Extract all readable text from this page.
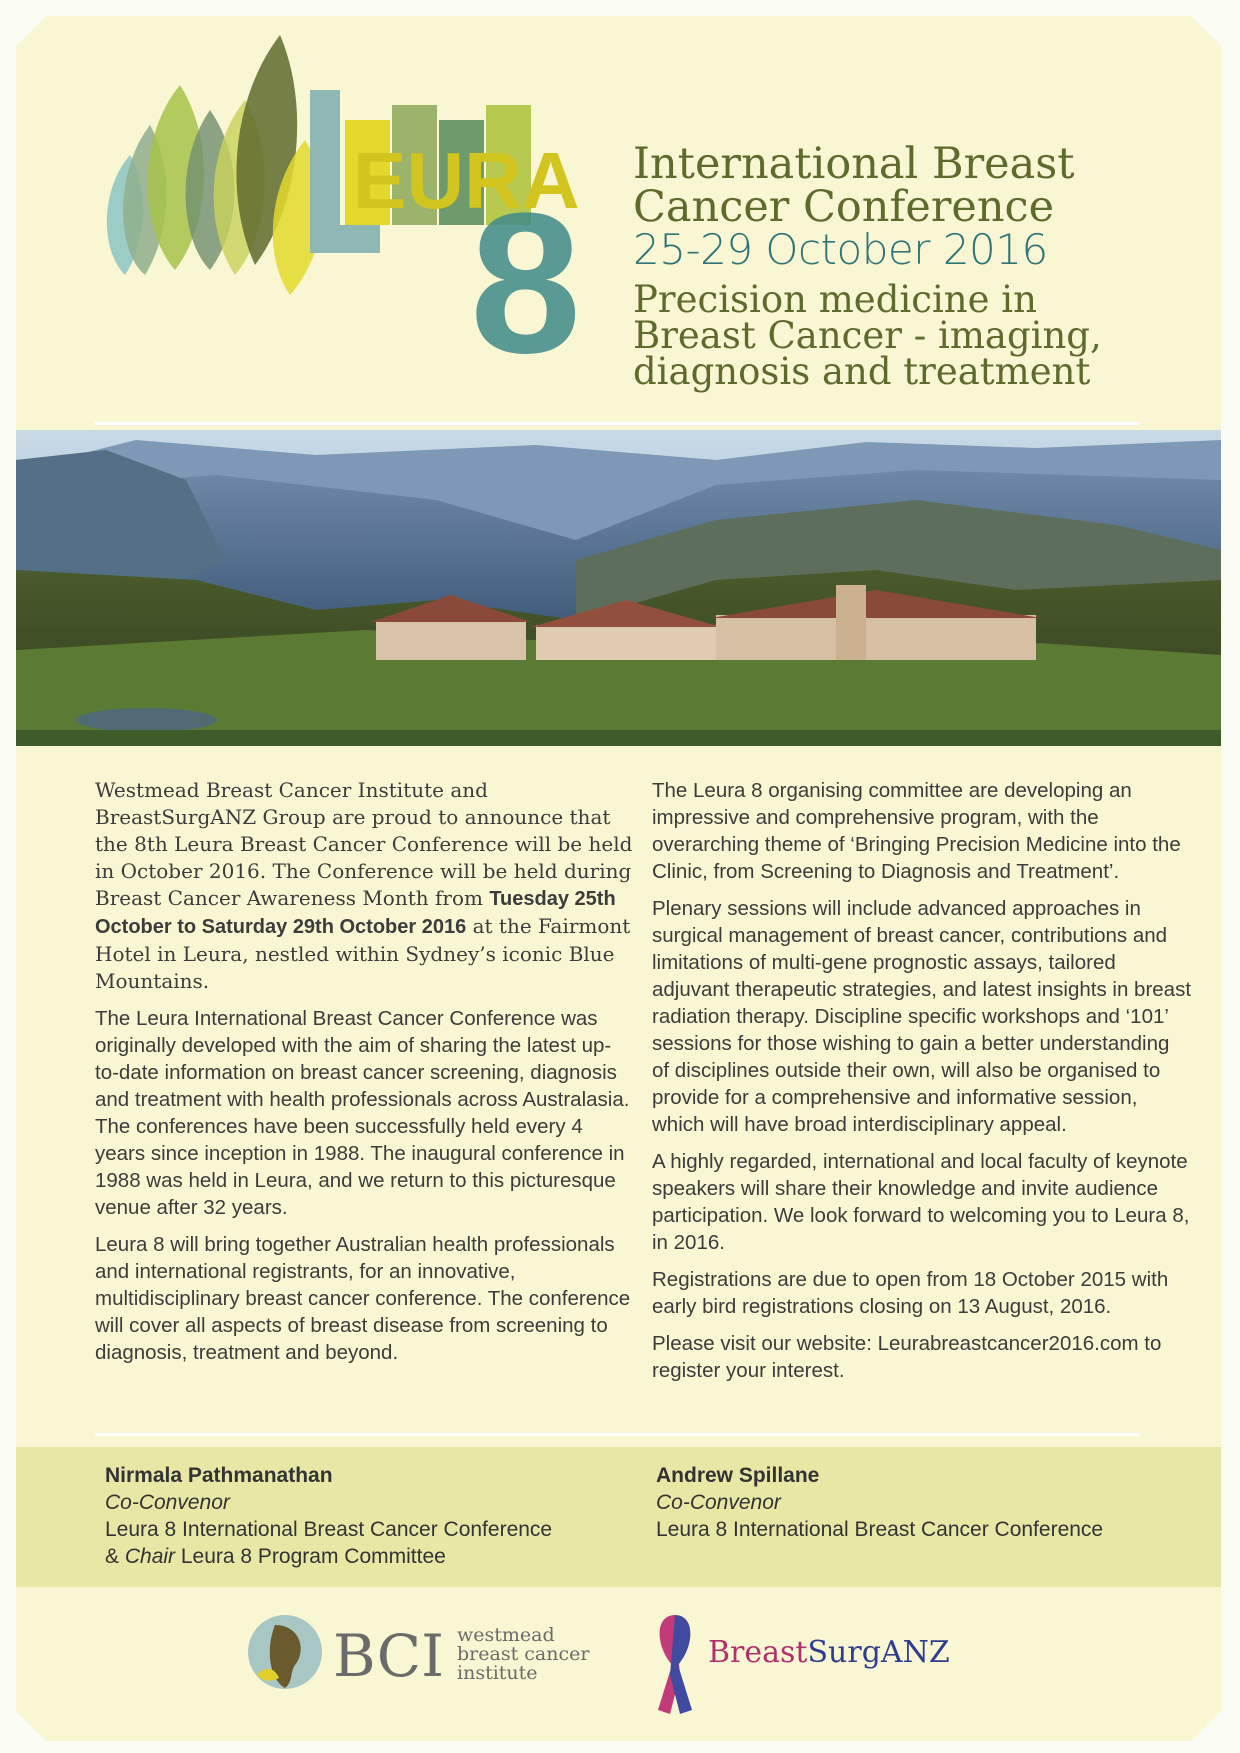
EURA
8
International Breast
Cancer Conference
25-29 October 2016
Precision medicine in
Breast Cancer - imaging,
diagnosis and treatment

Westmead Breast Cancer Institute and BreastSurgANZ Group are proud to announce that the 8th Leura Breast Cancer Conference will be held in October 2016. The Conference will be held during Breast Cancer Awareness Month from Tuesday 25th October to Saturday 29th October 2016 at the Fairmont Hotel in Leura, nestled within Sydney’s iconic Blue Mountains.

The Leura International Breast Cancer Conference was originally developed with the aim of sharing the latest up-to-date information on breast cancer screening, diagnosis and treatment with health professionals across Australasia. The conferences have been successfully held every 4 years since inception in 1988. The inaugural conference in 1988 was held in Leura, and we return to this picturesque venue after 32 years.

Leura 8 will bring together Australian health professionals and international registrants, for an innovative, multidisciplinary breast cancer conference. The conference will cover all aspects of breast disease from screening to diagnosis, treatment and beyond.

The Leura 8 organising committee are developing an impressive and comprehensive program, with the overarching theme of ‘Bringing Precision Medicine into the Clinic, from Screening to Diagnosis and Treatment’.

Plenary sessions will include advanced approaches in surgical management of breast cancer, contributions and limitations of multi-gene prognostic assays, tailored adjuvant therapeutic strategies, and latest insights in breast radiation therapy. Discipline specific workshops and ‘101’ sessions for those wishing to gain a better understanding of disciplines outside their own, will also be organised to provide for a comprehensive and informative session, which will have broad interdisciplinary appeal.

A highly regarded, international and local faculty of keynote speakers will share their knowledge and invite audience participation. We look forward to welcoming you to Leura 8, in 2016.

Registrations are due to open from 18 October 2015 with early bird registrations closing on 13 August, 2016.

Please visit our website: Leurabreastcancer2016.com to register your interest.

Nirmala Pathmanathan
Co-Convenor
Leura 8 International Breast Cancer Conference
& Chair Leura 8 Program Committee
Andrew Spillane
Co-Convenor
Leura 8 International Breast Cancer Conference
BCI westmead
breast cancer
institute
BreastSurgANZ
